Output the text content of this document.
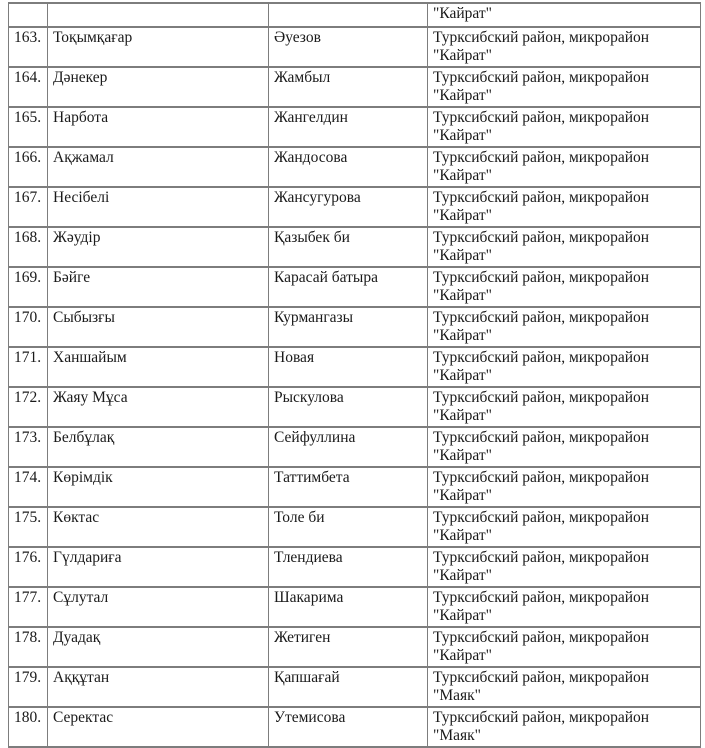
			"Кайрат"
163.	Тоқымқағар	Әуезов	Турксибский район, микрорайон
"Кайрат"

164.	Дәнекер	Жамбыл	Турксибский район, микрорайон
"Кайрат"

165.	Нарбота	Жангелдин	Турксибский район, микрорайон
"Кайрат"

166.	Ақжамал	Жандосова	Турксибский район, микрорайон
"Кайрат"

167.	Несібелі	Жансугурова	Турксибский район, микрорайон
"Кайрат"

168.	Жәудір	Қазыбек би	Турксибский район, микрорайон
"Кайрат"

169.	Бәйге	Карасай батыра	Турксибский район, микрорайон
"Кайрат"

170.	Сыбызғы	Курмангазы	Турксибский район, микрорайон
"Кайрат"

171.	Ханшайым	Новая	Турксибский район, микрорайон
"Кайрат"

172.	Жаяу Мұса	Рыскулова	Турксибский район, микрорайон
"Кайрат"

173.	Белбұлақ	Сейфуллина	Турксибский район, микрорайон
"Кайрат"

174.	Көрімдік	Таттимбета	Турксибский район, микрорайон
"Кайрат"

175.	Көктас	Толе би	Турксибский район, микрорайон
"Кайрат"

176.	Гүлдариға	Тлендиева	Турксибский район, микрорайон
"Кайрат"

177.	Сұлутал	Шакарима	Турксибский район, микрорайон
"Кайрат"

178.	Дуадақ	Жетиген	Турксибский район, микрорайон
"Кайрат"

179.	Аққұтан	Қапшағай	Турксибский район, микрорайон
"Маяк"

180.	Серектас	Утемисова	Турксибский район, микрорайон
"Маяк"
